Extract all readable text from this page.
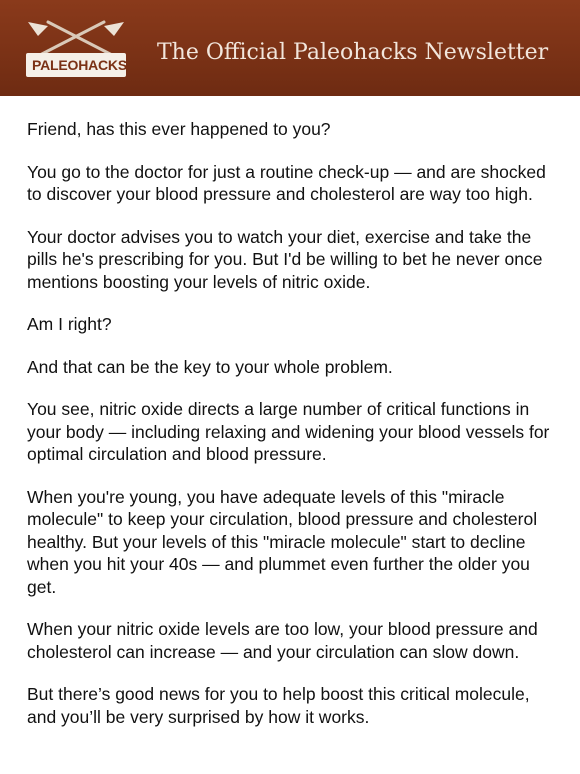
PALEOHACKS The Official Paleohacks Newsletter

Friend, has this ever happened to you?

You go to the doctor for just a routine check-up — and are shocked to discover your blood pressure and cholesterol are way too high.

Your doctor advises you to watch your diet, exercise and take the pills he's prescribing for you. But I'd be willing to bet he never once mentions boosting your levels of nitric oxide.

Am I right?

And that can be the key to your whole problem.

You see, nitric oxide directs a large number of critical functions in your body — including relaxing and widening your blood vessels for optimal circulation and blood pressure.

When you're young, you have adequate levels of this "miracle molecule" to keep your circulation, blood pressure and cholesterol healthy. But your levels of this "miracle molecule" start to decline when you hit your 40s — and plummet even further the older you get.

When your nitric oxide levels are too low, your blood pressure and cholesterol can increase — and your circulation can slow down.

But there’s good news for you to help boost this critical molecule, and you’ll be very surprised by how it works.
